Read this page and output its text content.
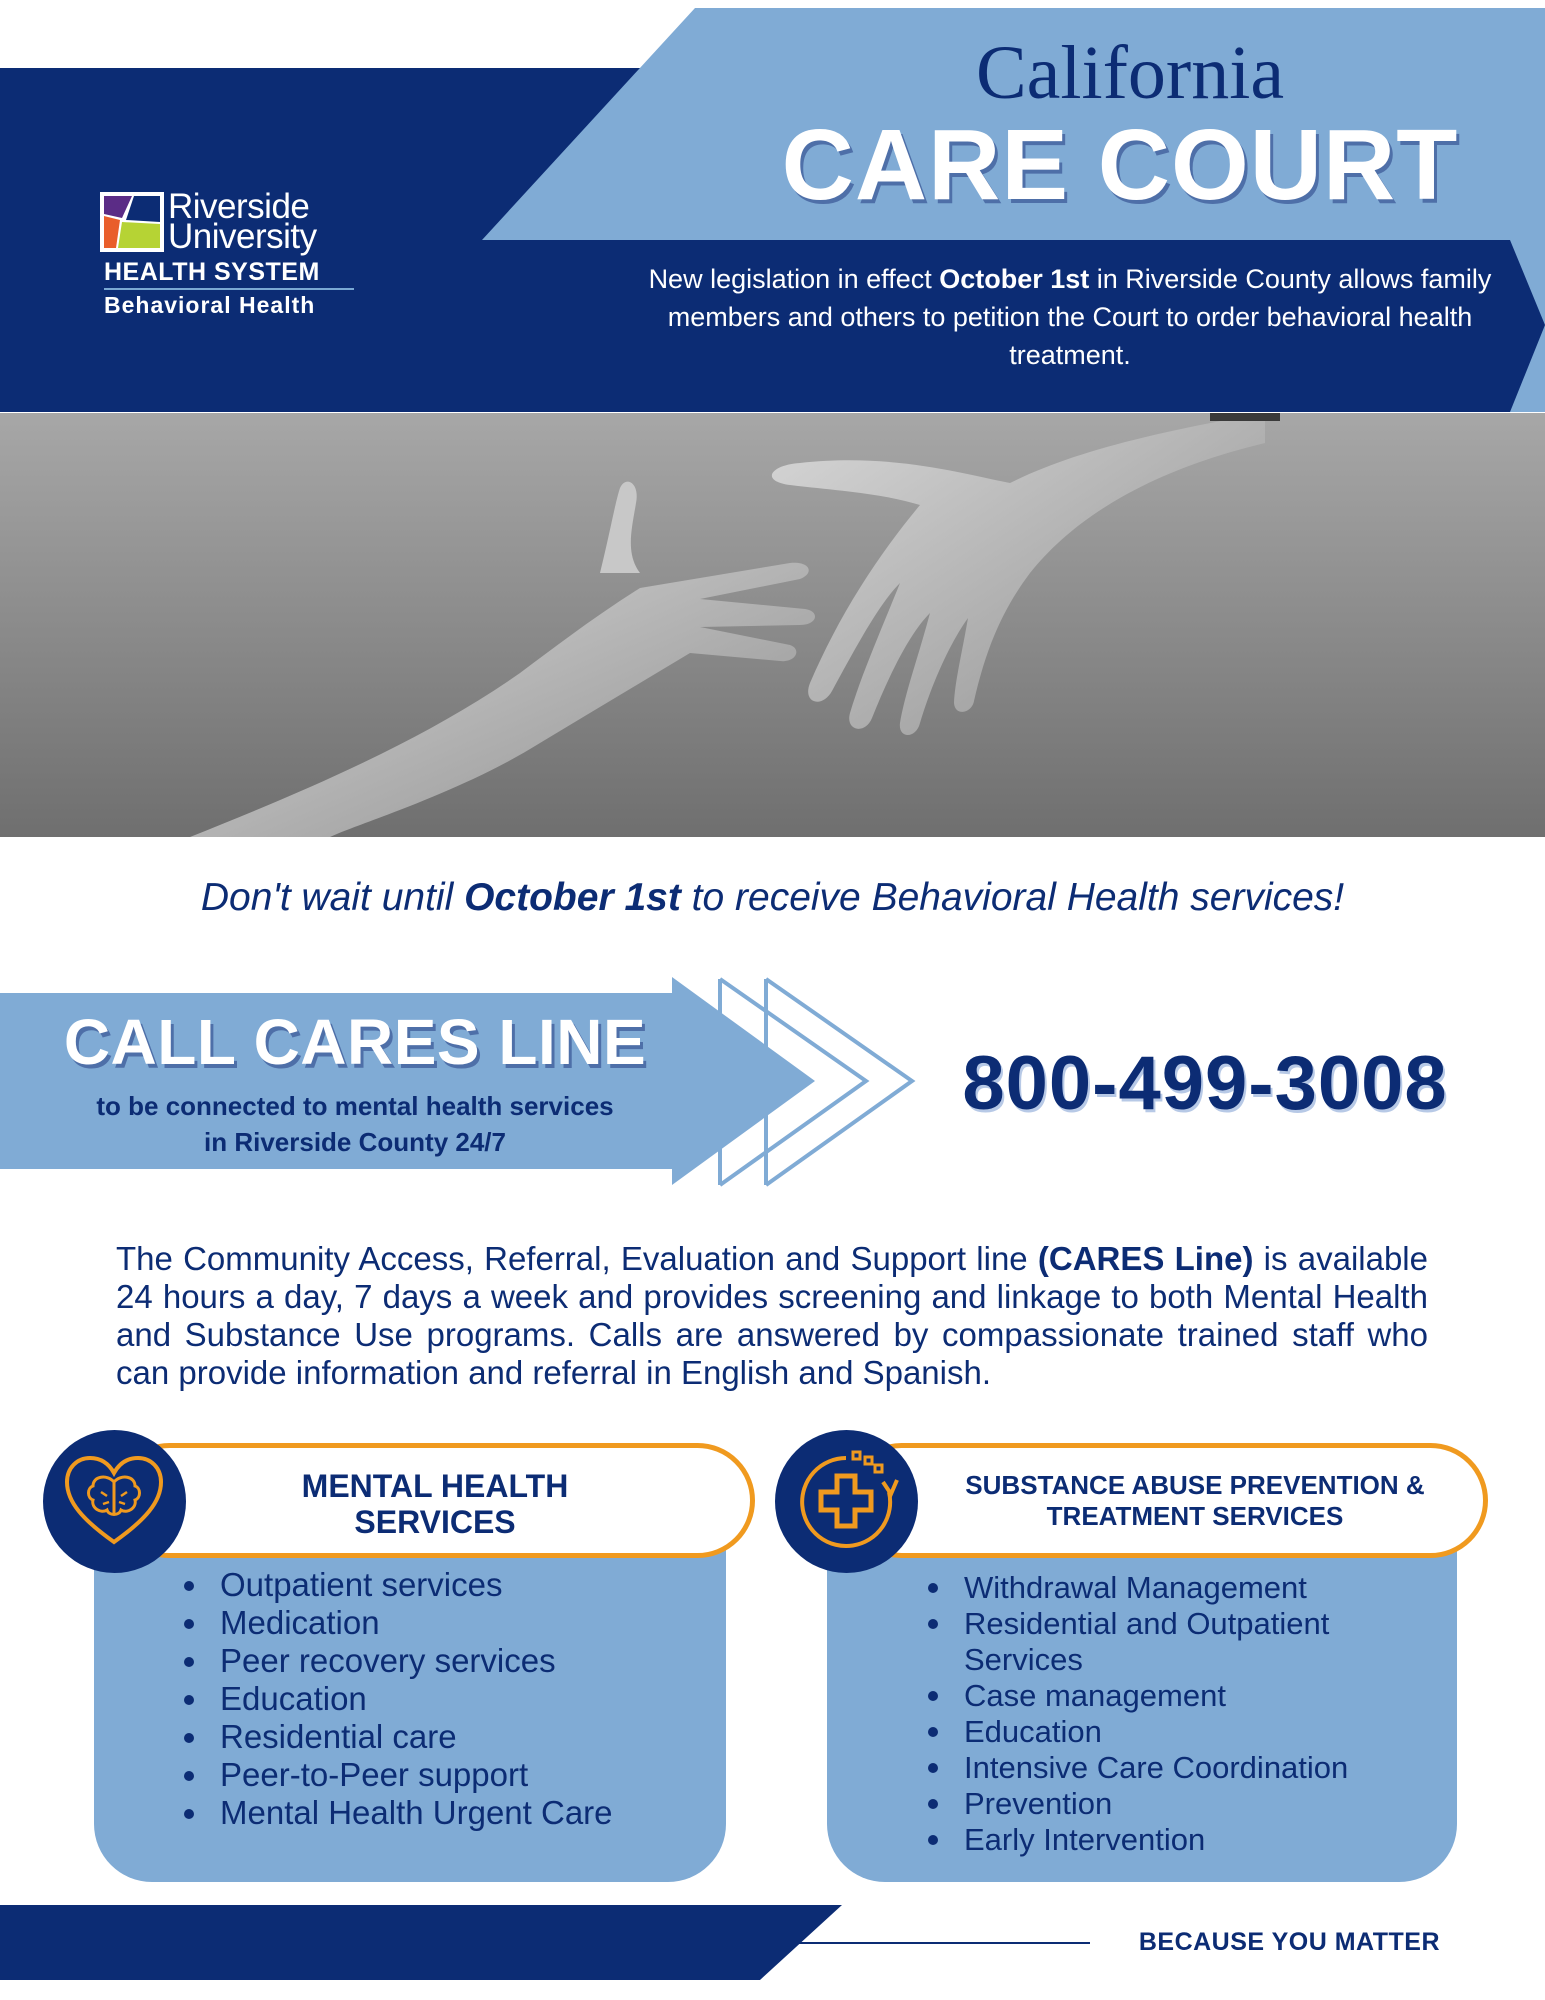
Riverside
University
HEALTH SYSTEM
Behavioral Health
California
CARE COURT
New legislation in effect October 1st in Riverside County allows family members and others to petition the Court to order behavioral health treatment.
Don't wait until October 1st to receive Behavioral Health services!
CALL CARES LINE
to be connected to mental health services
in Riverside County 24/7
800-499-3008
The Community Access, Referral, Evaluation and Support line (CARES Line) is available 24 hours a day, 7 days a week and provides screening and linkage to both Mental Health and Substance Use programs. Calls are answered by compassionate trained staff who can provide information and referral in English and Spanish.
MENTAL HEALTH
SERVICES
Outpatient services
Medication
Peer recovery services
Education
Residential care
Peer-to-Peer support
Mental Health Urgent Care
SUBSTANCE ABUSE PREVENTION &
TREATMENT SERVICES
Withdrawal Management
Residential and Outpatient Services
Case management
Education
Intensive Care Coordination
Prevention
Early Intervention
BECAUSE YOU MATTER
